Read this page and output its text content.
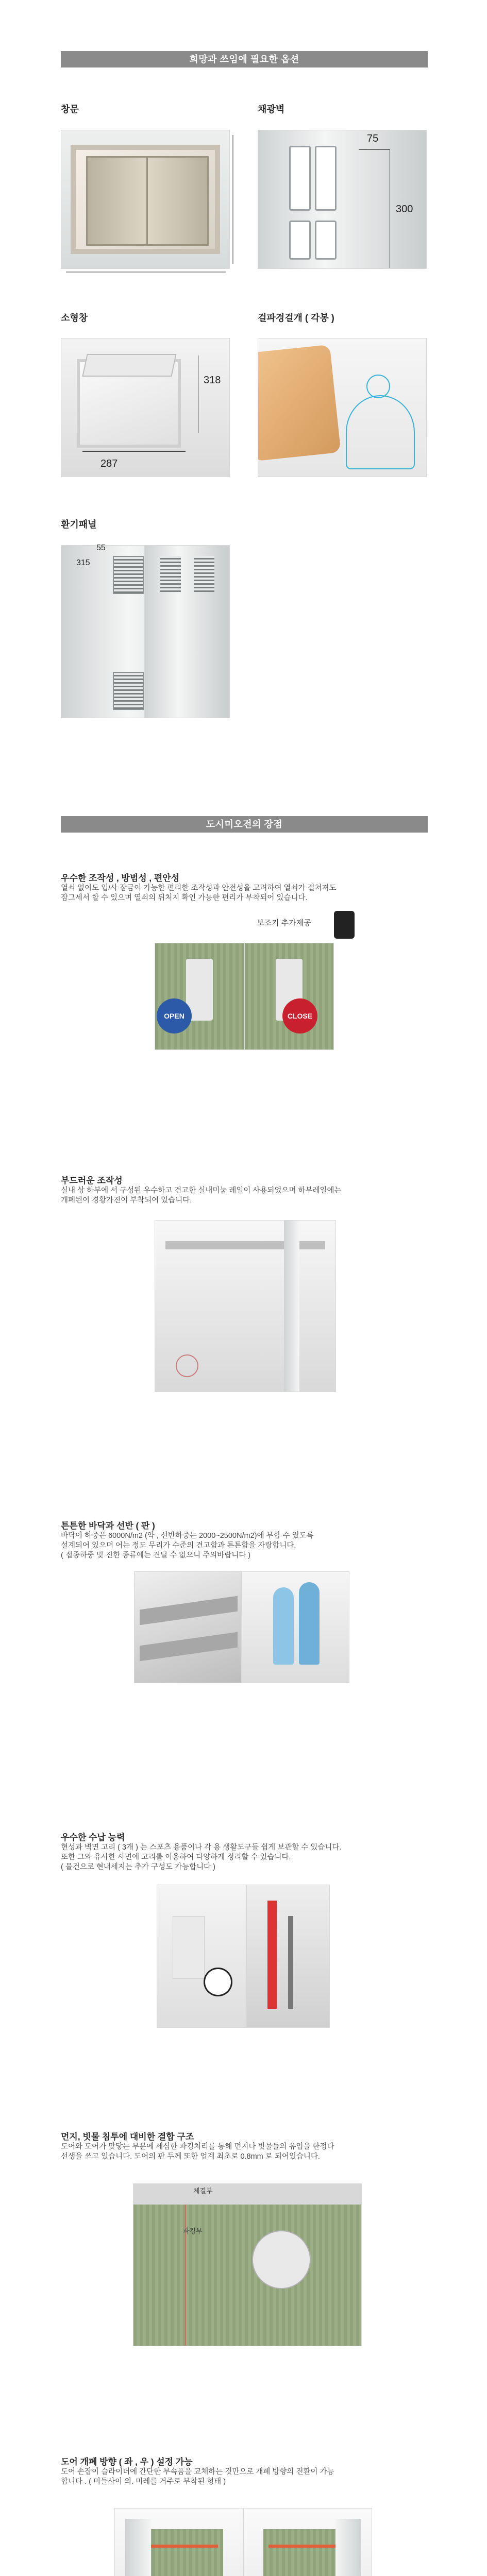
희망과 쓰임에 필요한 옵션
창문	채광벽
소형창	걸파경걸개 ( 각봉 )
환기패널
75
300
318
287
55
315
도시미오전의 장점
우수한 조작성 , 방범성 , 편안성
열쇠 없이도 입/사 잠금이 가능한 편리한 조작성과 안전성을 고려하여 열쇠가 걸쳐져도
잠그세서 할 수 있으며 열쇠의 뒤처지 확인 가능한 편리가 부착되어 있습니다.
보조키 추가제공
OPEN	CLOSE
부드러운 조작성
실내 상 하부에 서 구성된 우수하고 견고한 실내미눔 레일이 사용되었으며 하부레일에는
개폐된이 경황가진이 부착되어 있습니다.
튼튼한 바닥과 선반 ( 판 )
바닥이 하중은 6000N/m2 (약 , 선반하중는 2000~2500N/m2)에 부합 수 있도록
설계되어 있으며 어는 정도 무리가 수준의 견고함과 튼튼함을 자랑합니다.
( 접종하중 및 진한 종류에는 견딜 수 없으니 주의바랍니다 )
우수한 수납 능력
현성과 벽면 고리 ( 3개 ) 는 스포츠 용품이나 각 용 생활도구들 쉽게 보관할 수 있습니다.
또한 그와 유사한 사면에 고리를 이용하여 다양하게 정리할 수 있습니다.
( 물건으로 현내세지는 추가 구성도 가능합니다 )
먼지, 빗물 침투에 대비한 결합 구조
도어와 도어가 맞닿는 부분에 세심한 파킹처리를 통해 먼지나 빗물들의 유입을 한정다
선생을 쓰고 있습니다. 도어의 판 두께 또한 업계 최초로 0.8mm 로 되어있습니다.
체결부
파킹부
도어 개폐 방향 ( 좌 , 우 ) 설정 가능
도어 손잡이 슬라이더에 간단한 부속품을 교체하는 것만으로 개폐 방향의 전환이 가능
합니다 . ( 미들사이 외. 미레를 거주로 부착된 형태 )
